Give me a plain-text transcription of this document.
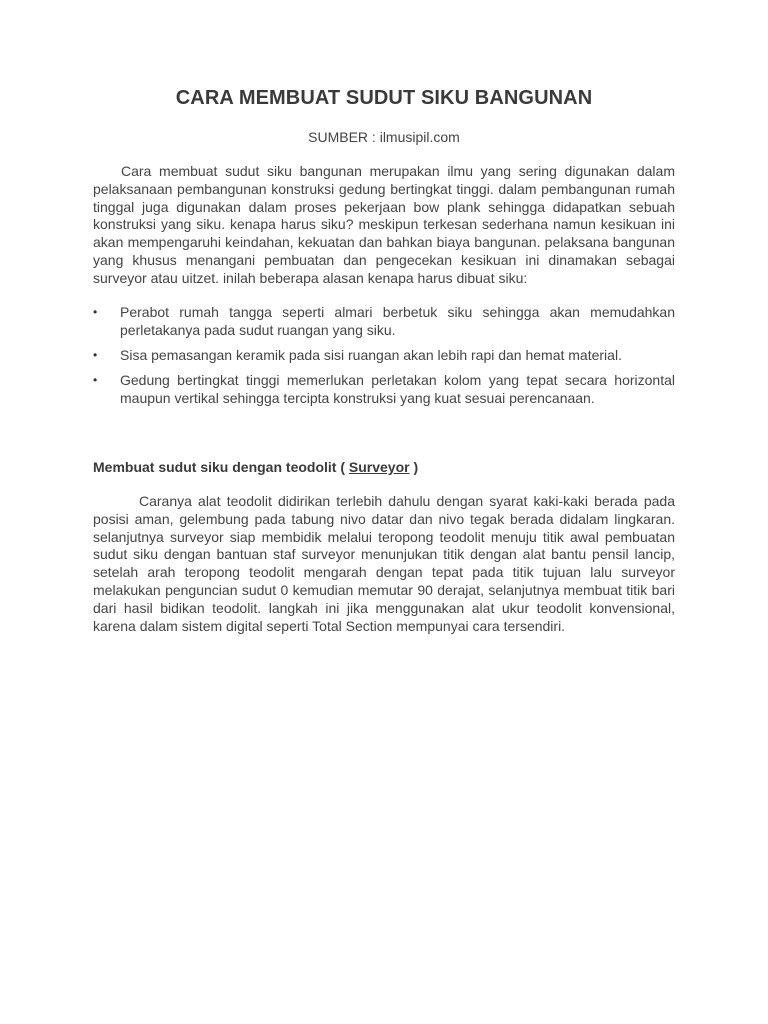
CARA MEMBUAT SUDUT SIKU BANGUNAN

SUMBER : ilmusipil.com

Cara membuat sudut siku bangunan merupakan ilmu yang sering digunakan dalam pelaksanaan pembangunan konstruksi gedung bertingkat tinggi. dalam pembangunan rumah tinggal juga digunakan dalam proses pekerjaan bow plank sehingga didapatkan sebuah konstruksi yang siku. kenapa harus siku? meskipun terkesan sederhana namun kesikuan ini akan mempengaruhi keindahan, kekuatan dan bahkan biaya bangunan. pelaksana bangunan yang khusus menangani pembuatan dan pengecekan kesikuan ini dinamakan sebagai surveyor atau uitzet. inilah beberapa alasan kenapa harus dibuat siku:

•	Perabot rumah tangga seperti almari berbetuk siku sehingga akan memudahkan perletakanya pada sudut ruangan yang siku.
•	Sisa pemasangan keramik pada sisi ruangan akan lebih rapi dan hemat material.
•	Gedung bertingkat tinggi memerlukan perletakan kolom yang tepat secara horizontal maupun vertikal sehingga tercipta konstruksi yang kuat sesuai perencanaan.
Membuat sudut siku dengan teodolit ( Surveyor )

Caranya alat teodolit didirikan terlebih dahulu dengan syarat kaki-kaki berada pada posisi aman, gelembung pada tabung nivo datar dan nivo tegak berada didalam lingkaran. selanjutnya surveyor siap membidik melalui teropong teodolit menuju titik awal pembuatan sudut siku dengan bantuan staf surveyor menunjukan titik dengan alat bantu pensil lancip, setelah arah teropong teodolit mengarah dengan tepat pada titik tujuan lalu surveyor melakukan penguncian sudut 0 kemudian memutar 90 derajat, selanjutnya membuat titik bari dari hasil bidikan teodolit. langkah ini jika menggunakan alat ukur teodolit konvensional, karena dalam sistem digital seperti Total Section mempunyai cara tersendiri.
